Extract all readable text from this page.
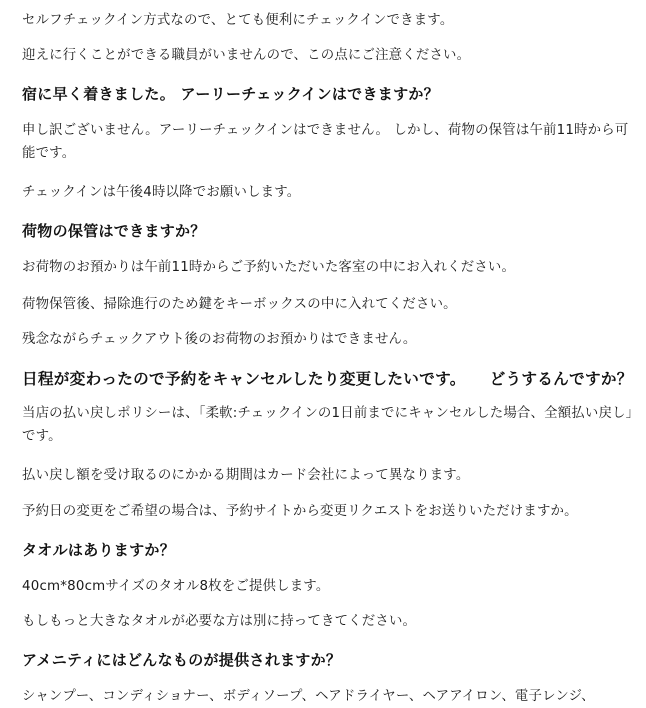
セルフチェックイン方式なので、とても便利にチェックインできます。

迎えに行くことができる職員がいませんので、この点にご注意ください。

宿に早く着きました。 アーリーチェックインはできますか？

申し訳ございません。アーリーチェックインはできません。 しかし、荷物の保管は午前11時から可能です。

チェックインは午後4時以降でお願いします。

荷物の保管はできますか？

お荷物のお預かりは午前11時からご予約いただいた客室の中にお入れください。

荷物保管後、掃除進行のため鍵をキーボックスの中に入れてください。

残念ながらチェックアウト後のお荷物のお預かりはできません。

日程が変わったので予約をキャンセルしたり変更したいです。　　どうするんですか？

当店の払い戻しポリシーは、「柔軟:チェックインの1日前までにキャンセルした場合、全額払い戻し」です。

払い戻し額を受け取るのにかかる期間はカード会社によって異なります。

予約日の変更をご希望の場合は、予約サイトから変更リクエストをお送りいただけますか。

タオルはありますか？

40cm*80cmサイズのタオル8枚をご提供します。

もしもっと大きなタオルが必要な方は別に持ってきてください。

アメニティにはどんなものが提供されますか？

シャンプー、コンディショナー、ボディソープ、ヘアドライヤー、ヘアアイロン、電子レンジ、
